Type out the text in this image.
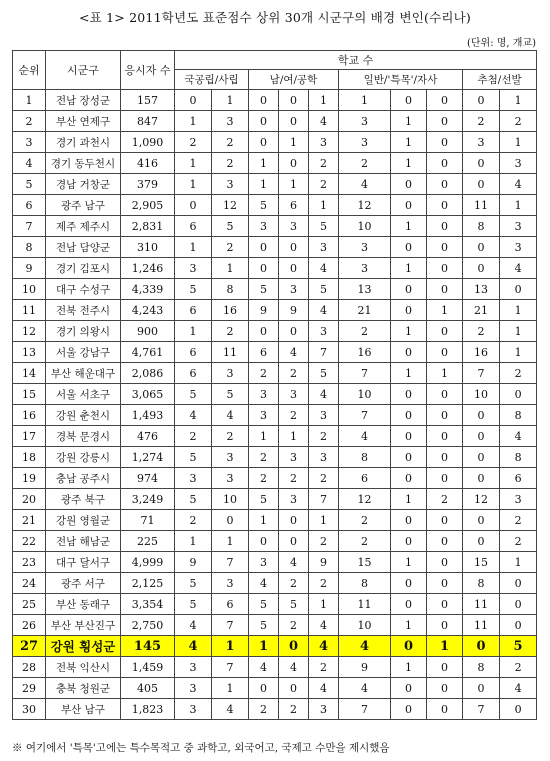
<표 1> 2011학년도 표준점수 상위 30개 시군구의 배경 변인(수리나)
(단위: 명, 개교)
순위	시군구	응시자 수	학교 수									
			국공립/사립		남/여/공학			일반/'특목'/자사			추첨/선발	
1	전남 장성군	157	0	1	0	0	1	1	0	0	0	1
2	부산 연제구	847	1	3	0	0	4	3	1	0	2	2
3	경기 과천시	1,090	2	2	0	1	3	3	1	0	3	1
4	경기 동두천시	416	1	2	1	0	2	2	1	0	0	3
5	경남 거창군	379	1	3	1	1	2	4	0	0	0	4
6	광주 남구	2,905	0	12	5	6	1	12	0	0	11	1
7	제주 제주시	2,831	6	5	3	3	5	10	1	0	8	3
8	전남 담양군	310	1	2	0	0	3	3	0	0	0	3
9	경기 김포시	1,246	3	1	0	0	4	3	1	0	0	4
10	대구 수성구	4,339	5	8	5	3	5	13	0	0	13	0
11	전북 전주시	4,243	6	16	9	9	4	21	0	1	21	1
12	경기 의왕시	900	1	2	0	0	3	2	1	0	2	1
13	서울 강남구	4,761	6	11	6	4	7	16	0	0	16	1
14	부산 해운대구	2,086	6	3	2	2	5	7	1	1	7	2
15	서울 서초구	3,065	5	5	3	3	4	10	0	0	10	0
16	강원 춘천시	1,493	4	4	3	2	3	7	0	0	0	8
17	경북 문경시	476	2	2	1	1	2	4	0	0	0	4
18	강원 강릉시	1,274	5	3	2	3	3	8	0	0	0	8
19	충남 공주시	974	3	3	2	2	2	6	0	0	0	6
20	광주 북구	3,249	5	10	5	3	7	12	1	2	12	3
21	강원 영월군	71	2	0	1	0	1	2	0	0	0	2
22	전남 해남군	225	1	1	0	0	2	2	0	0	0	2
23	대구 달서구	4,999	9	7	3	4	9	15	1	0	15	1
24	광주 서구	2,125	5	3	4	2	2	8	0	0	8	0
25	부산 동래구	3,354	5	6	5	5	1	11	0	0	11	0
26	부산 부산진구	2,750	4	7	5	2	4	10	1	0	11	0
27	강원 횡성군	145	4	1	1	0	4	4	0	1	0	5
28	전북 익산시	1,459	3	7	4	4	2	9	1	0	8	2
29	충북 청원군	405	3	1	0	0	4	4	0	0	0	4
30	부산 남구	1,823	3	4	2	2	3	7	0	0	7	0
※ 여기에서 '특목'고에는 특수목적고 중 과학고, 외국어고, 국제고 수만을 제시했음
